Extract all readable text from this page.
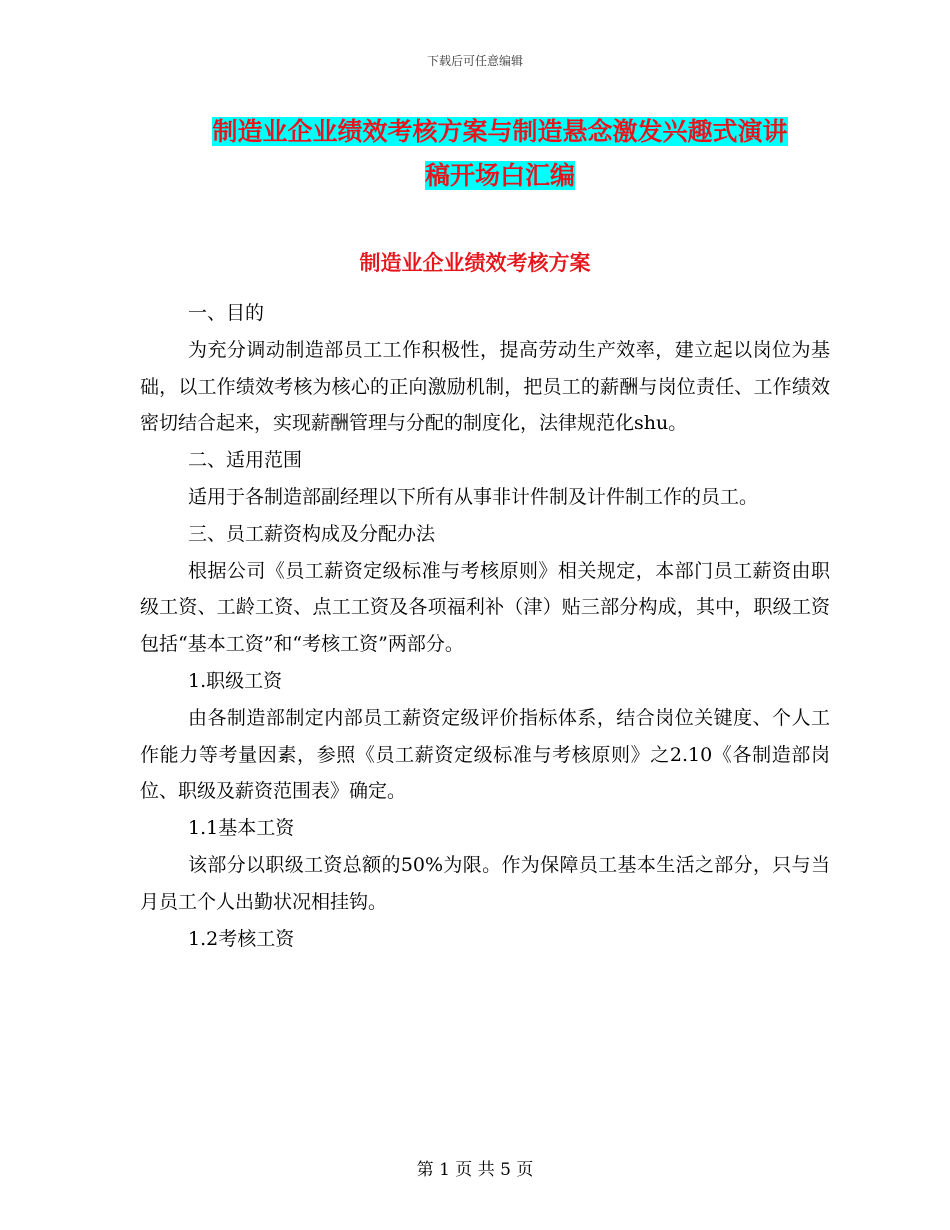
下载后可任意编辑
制造业企业绩效考核方案与制造悬念激发兴趣式演讲
稿开场白汇编
制造业企业绩效考核方案

一、目的

为充分调动制造部员工工作积极性，提高劳动生产效率，建立起以岗位为基础，以工作绩效考核为核心的正向激励机制，把员工的薪酬与岗位责任、工作绩效密切结合起来，实现薪酬管理与分配的制度化，法律规范化shu。

二、适用范围

适用于各制造部副经理以下所有从事非计件制及计件制工作的员工。

三、员工薪资构成及分配办法

根据公司《员工薪资定级标准与考核原则》相关规定，本部门员工薪资由职级工资、工龄工资、点工工资及各项福利补（津）贴三部分构成，其中，职级工资包括“基本工资”和“考核工资”两部分。

1.职级工资

由各制造部制定内部员工薪资定级评价指标体系，结合岗位关键度、个人工作能力等考量因素，参照《员工薪资定级标准与考核原则》之2.10《各制造部岗位、职级及薪资范围表》确定。

1.1基本工资

该部分以职级工资总额的50%为限。作为保障员工基本生活之部分，只与当月员工个人出勤状况相挂钩。

1.2考核工资

第 1 页 共 5 页
